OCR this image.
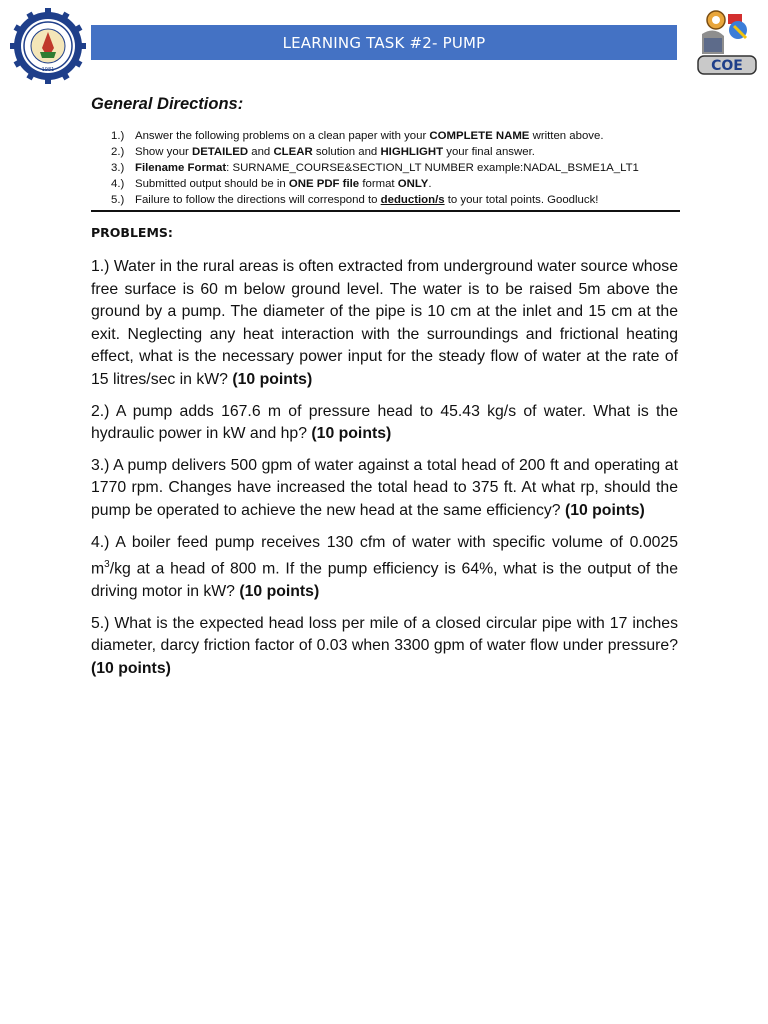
1981
LEARNING TASK #2- PUMP
COE
General Directions:
1.) Answer the following problems on a clean paper with your COMPLETE NAME written above.
2.) Show your DETAILED and CLEAR solution and HIGHLIGHT your final answer.
3.) Filename Format: SURNAME_COURSE&SECTION_LT NUMBER example:NADAL_BSME1A_LT1
4.) Submitted output should be in ONE PDF file format ONLY.
5.) Failure to follow the directions will correspond to deduction/s to your total points. Goodluck!
PROBLEMS:

1.) Water in the rural areas is often extracted from underground water source whose free surface is 60 m below ground level. The water is to be raised 5m above the ground by a pump. The diameter of the pipe is 10 cm at the inlet and 15 cm at the exit. Neglecting any heat interaction with the surroundings and frictional heating effect, what is the necessary power input for the steady flow of water at the rate of 15 litres/sec in kW? (10 points)

2.) A pump adds 167.6 m of pressure head to 45.43 kg/s of water. What is the hydraulic power in kW and hp? (10 points)

3.) A pump delivers 500 gpm of water against a total head of 200 ft and operating at 1770 rpm. Changes have increased the total head to 375 ft. At what rp, should the pump be operated to achieve the new head at the same efficiency? (10 points)

4.) A boiler feed pump receives 130 cfm of water with specific volume of 0.0025 $m^3/kg$ at a head of 800 m. If the pump efficiency is 64%, what is the output of the driving motor in kW? (10 points)

5.) What is the expected head loss per mile of a closed circular pipe with 17 inches diameter, darcy friction factor of 0.03 when 3300 gpm of water flow under pressure? (10 points)
